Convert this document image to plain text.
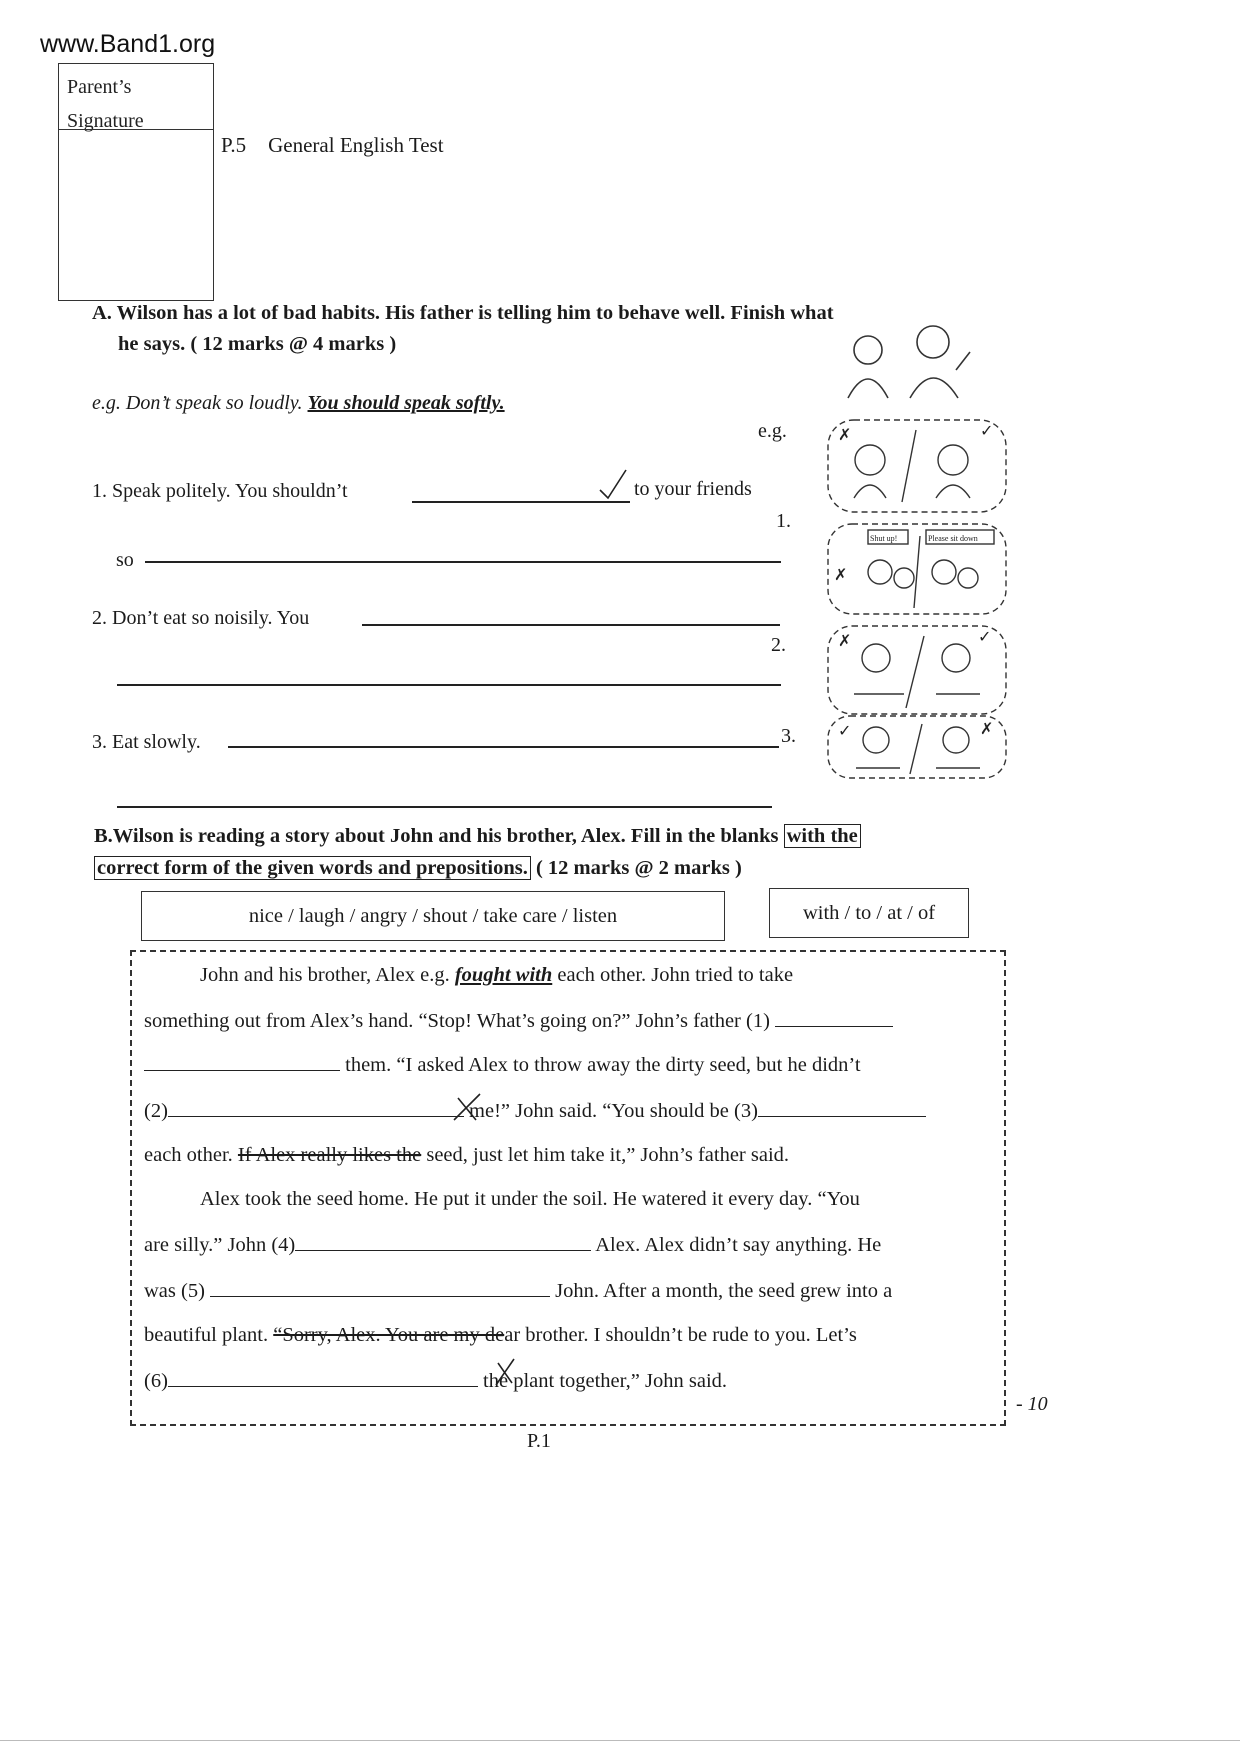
www.Band1.org
Parent’s
Signature
P.5 General English Test
A. Wilson has a lot of bad habits. His father is telling him to behave well. Finish what
he says. ( 12 marks @ 4 marks )
e.g. Don’t speak so loudly. You should speak softly.
1. Speak politely. You shouldn’t	to your friends
so
2. Don’t eat so noisily. You
3. Eat slowly.
e.g.
1.
2.
3.
✗	✓
Shut up!	Please sit down
✗
✗	✓
✓	✗
B.Wilson is reading a story about John and his brother, Alex. Fill in the blanks with the
correct form of the given words and prepositions. ( 12 marks @ 2 marks )
nice / laugh / angry / shout / take care / listen	with / to / at / of
John and his brother, Alex e.g. fought with each other. John tried to take
something out from Alex’s hand. “Stop! What’s going on?” John’s father (1)
them. “I asked Alex to throw away the dirty seed, but he didn’t
(2)	me!” John said. “You should be (3)
each other. If Alex really likes the seed, just let him take it,” John’s father said.
Alex took the seed home. He put it under the soil. He watered it every day. “You
are silly.” John (4)	Alex. Alex didn’t say anything. He
was (5)	John. After a month, the seed grew into a
beautiful plant. “Sorry, Alex. You are my dear brother. I shouldn’t be rude to you. Let’s
(6)	the plant together,” John said.
- 10
P.1
